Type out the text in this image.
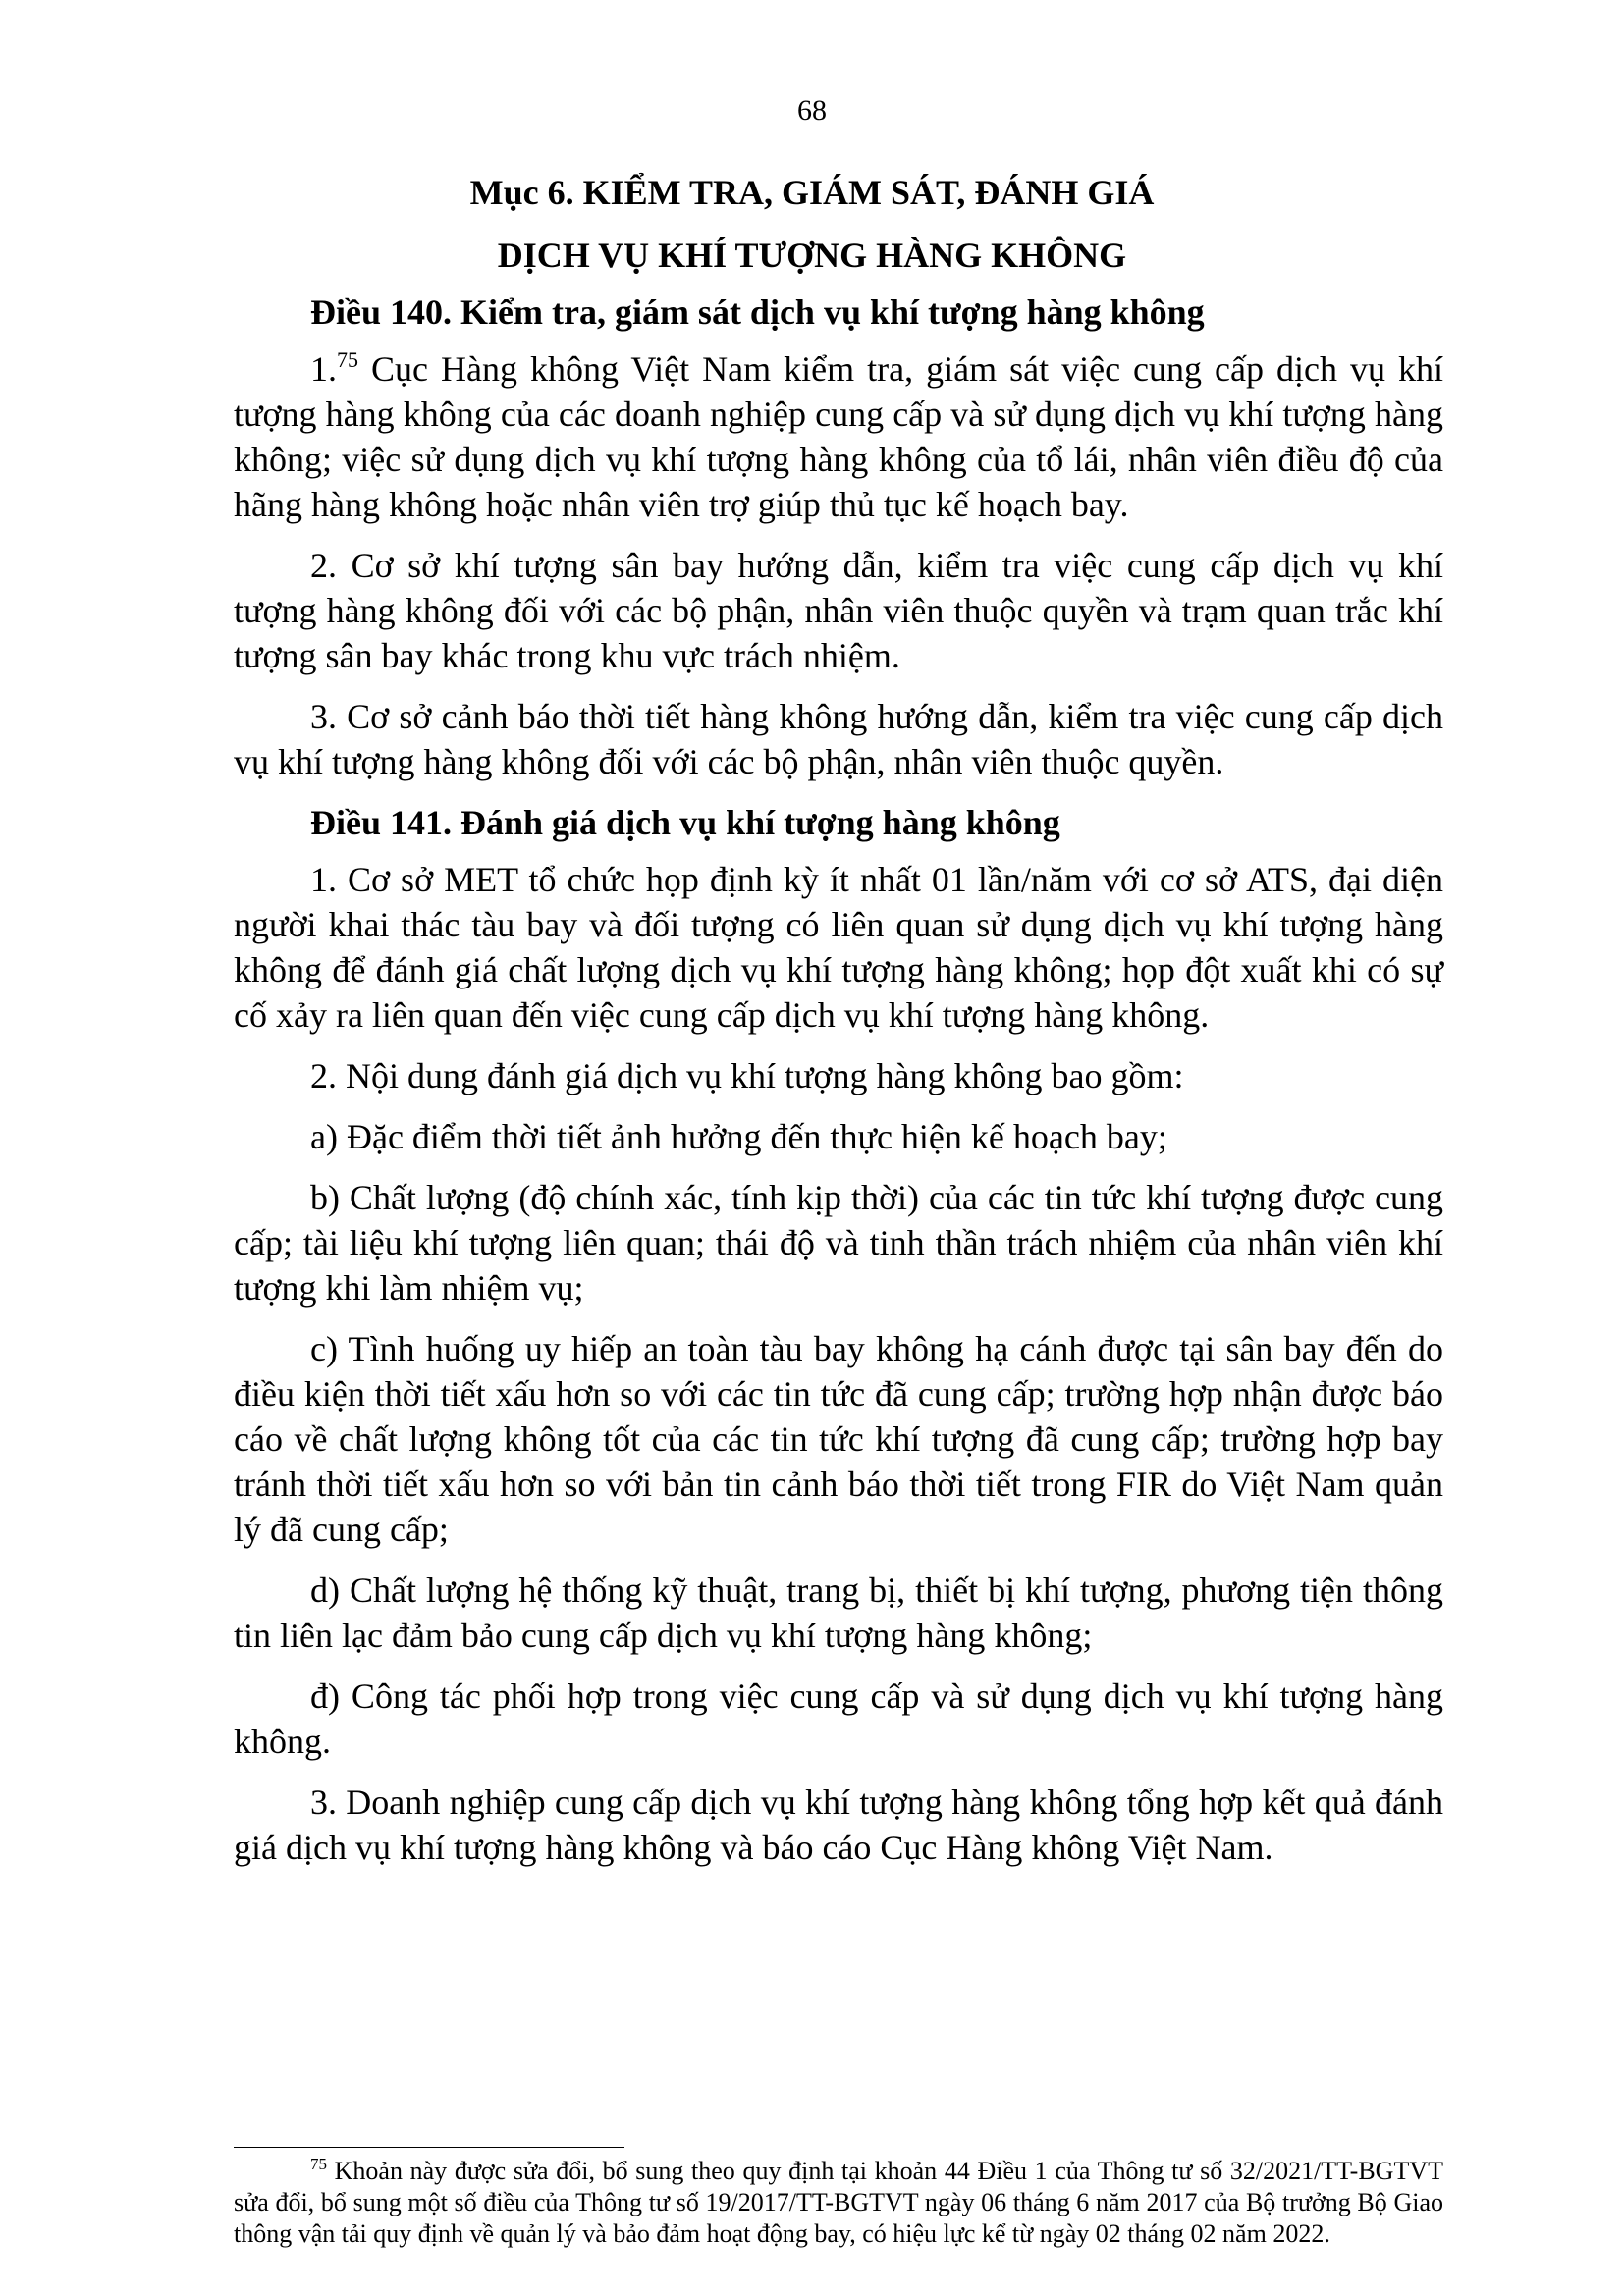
68
Mục 6. KIỂM TRA, GIÁM SÁT, ĐÁNH GIÁ
DỊCH VỤ KHÍ TƯỢNG HÀNG KHÔNG

Điều 140. Kiểm tra, giám sát dịch vụ khí tượng hàng không

1.75 Cục Hàng không Việt Nam kiểm tra, giám sát việc cung cấp dịch vụ khí tượng hàng không của các doanh nghiệp cung cấp và sử dụng dịch vụ khí tượng hàng không; việc sử dụng dịch vụ khí tượng hàng không của tổ lái, nhân viên điều độ của hãng hàng không hoặc nhân viên trợ giúp thủ tục kế hoạch bay.

2. Cơ sở khí tượng sân bay hướng dẫn, kiểm tra việc cung cấp dịch vụ khí tượng hàng không đối với các bộ phận, nhân viên thuộc quyền và trạm quan trắc khí tượng sân bay khác trong khu vực trách nhiệm.

3. Cơ sở cảnh báo thời tiết hàng không hướng dẫn, kiểm tra việc cung cấp dịch vụ khí tượng hàng không đối với các bộ phận, nhân viên thuộc quyền.

Điều 141. Đánh giá dịch vụ khí tượng hàng không

1. Cơ sở MET tổ chức họp định kỳ ít nhất 01 lần/năm với cơ sở ATS, đại diện người khai thác tàu bay và đối tượng có liên quan sử dụng dịch vụ khí tượng hàng không để đánh giá chất lượng dịch vụ khí tượng hàng không; họp đột xuất khi có sự cố xảy ra liên quan đến việc cung cấp dịch vụ khí tượng hàng không.

2. Nội dung đánh giá dịch vụ khí tượng hàng không bao gồm:

a) Đặc điểm thời tiết ảnh hưởng đến thực hiện kế hoạch bay;

b) Chất lượng (độ chính xác, tính kịp thời) của các tin tức khí tượng được cung cấp; tài liệu khí tượng liên quan; thái độ và tinh thần trách nhiệm của nhân viên khí tượng khi làm nhiệm vụ;

c) Tình huống uy hiếp an toàn tàu bay không hạ cánh được tại sân bay đến do điều kiện thời tiết xấu hơn so với các tin tức đã cung cấp; trường hợp nhận được báo cáo về chất lượng không tốt của các tin tức khí tượng đã cung cấp; trường hợp bay tránh thời tiết xấu hơn so với bản tin cảnh báo thời tiết trong FIR do Việt Nam quản lý đã cung cấp;

d) Chất lượng hệ thống kỹ thuật, trang bị, thiết bị khí tượng, phương tiện thông tin liên lạc đảm bảo cung cấp dịch vụ khí tượng hàng không;

đ) Công tác phối hợp trong việc cung cấp và sử dụng dịch vụ khí tượng hàng không.

3. Doanh nghiệp cung cấp dịch vụ khí tượng hàng không tổng hợp kết quả đánh giá dịch vụ khí tượng hàng không và báo cáo Cục Hàng không Việt Nam.

$^{75}$ Khoản này được sửa đổi, bổ sung theo quy định tại khoản 44 Điều 1 của Thông tư số 32/2021/TT-BGTVT sửa đổi, bổ sung một số điều của Thông tư số 19/2017/TT-BGTVT ngày 06 tháng 6 năm 2017 của Bộ trưởng Bộ Giao thông vận tải quy định về quản lý và bảo đảm hoạt động bay, có hiệu lực kể từ ngày 02 tháng 02 năm 2022.
